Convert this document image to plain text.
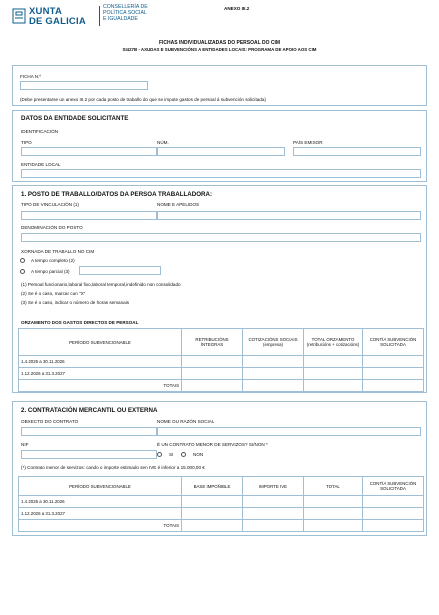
XUNTA
DE GALICIA
CONSELLERÍA DE
POLÍTICA SOCIAL
E IGUALDADE
ANEXO III.2
FICHAS INDIVIDUALIZADAS DO PERSOAL DO CIM
SI427B - AXUDAS E SUBVENCIÓNS A ENTIDADES LOCAIS: PROGRAMA DE APOIO AOS CIM
FICHA N.º
(Debe presentarse un anexo III.2 por cada posto de traballo do que se impute gastos de persoal á subvención solicitada)
DATOS DA ENTIDADE SOLICITANTE
IDENTIFICACIÓN
TIPO	NÚM.	PAÍS EMISOR
ENTIDADE LOCAL
1. POSTO DE TRABALLO/DATOS DA PERSOA TRABALLADORA:
TIPO DE VINCULACIÓN (1)	NOME E APELIDOS
DENOMINACIÓN DO POSTO
XORNADA DE TRABALLO NO CIM
A tempo completo (2)
A tempo parcial (3)
(1) Persoal funcionario,laboral fixo,laboral temporal,indefinido non consolidado
(2) Se é o caso, marcar cun "X"
(3) Se é o caso, indicar o número de horas semanais
ORZAMENTO DOS GASTOS DIRECTOS DE PERSOAL
PERÍODO SUBVENCIONABLE	RETRIBUCIÓNS ÍNTEGRAS	COTIZACIÓNS SOCIAIS (empresa)	TOTAL ORZAMENTO (retribucións + cotizacións)	CONTÍA SUBVENCIÓN SOLICITADA
1.4.2026 a 30.11.2026				
1.12.2026 a 31.3.2027				
TOTAIS				
2. CONTRATACIÓN MERCANTIL OU EXTERNA
OBXECTO DO CONTRATO	NOME OU RAZÓN SOCIAL
NIF	É UN CONTRATO MENOR DE SERVIZOS? SI/NON *
SI	NON
(*) Contrato menor de servizos: cando o importe estimado sen IVE é inferior a 15.000,00 €
PERÍODO SUBVENCIONABLE	BASE IMPOÑIBLE	IMPORTE IVE	TOTAL	CONTÍA SUBVENCIÓN SOLICITADA
1.4.2026 a 30.11.2026				
1.12.2026 a 31.3.2027				
TOTAIS				
